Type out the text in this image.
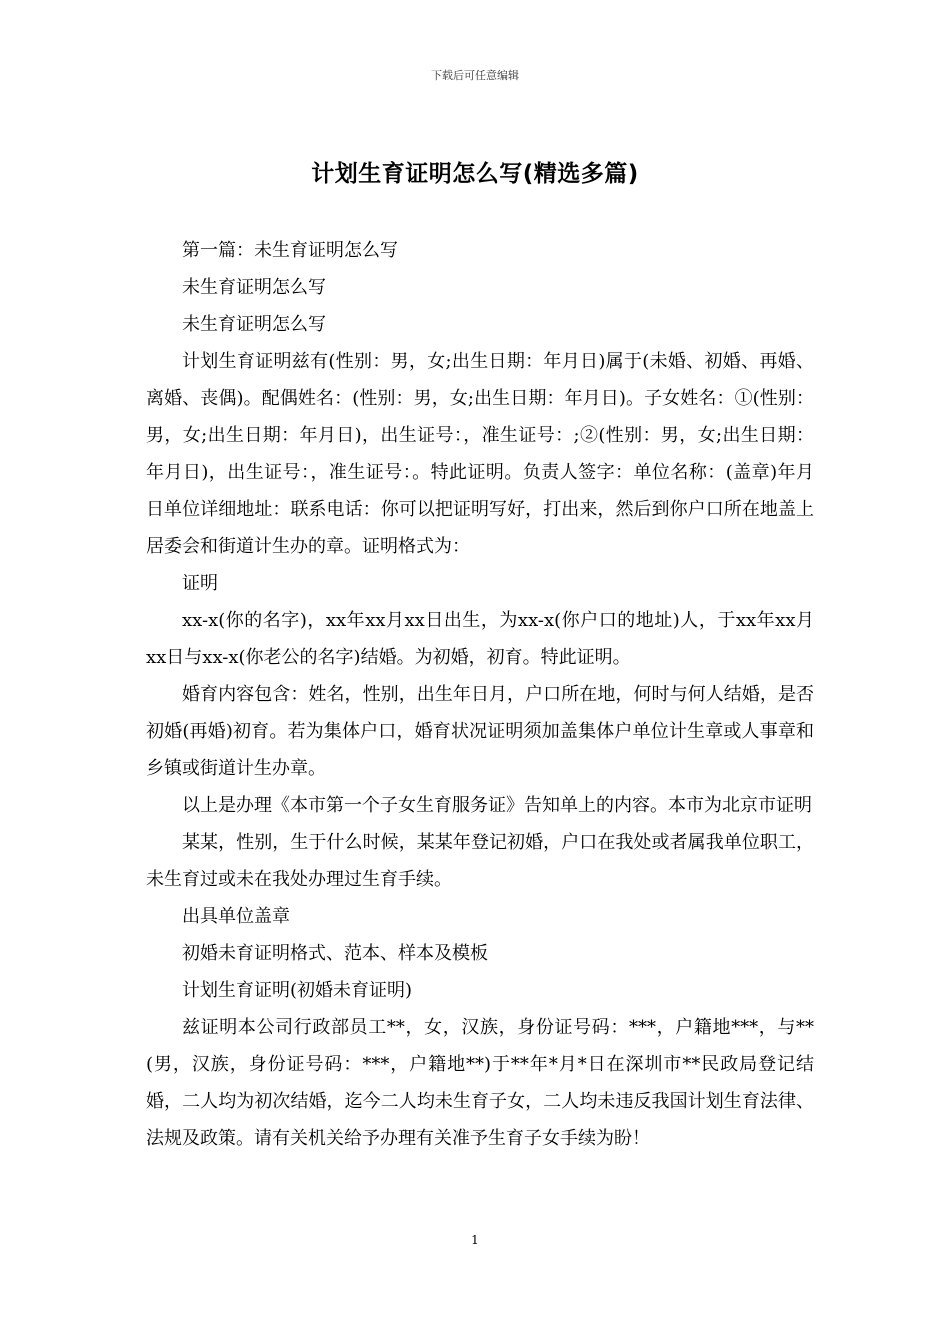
下载后可任意编辑
计划生育证明怎么写(精选多篇)

第一篇：未生育证明怎么写

未生育证明怎么写

未生育证明怎么写

计划生育证明兹有(性别：男，女;出生日期：年月日)属于(未婚、初婚、再婚、离婚、丧偶)。配偶姓名：(性别：男，女;出生日期：年月日)。子女姓名：①(性别：男，女;出生日期：年月日)，出生证号：，准生证号：;②(性别：男，女;出生日期：年月日)，出生证号：，准生证号：。特此证明。负责人签字：单位名称：(盖章)年月日单位详细地址：联系电话：你可以把证明写好，打出来，然后到你户口所在地盖上居委会和街道计生办的章。证明格式为：

证明

xx-x(你的名字)，xx年xx月xx日出生，为xx-x(你户口的地址)人，于xx年xx月xx日与xx-x(你老公的名字)结婚。为初婚，初育。特此证明。

婚育内容包含：姓名，性别，出生年日月，户口所在地，何时与何人结婚，是否初婚(再婚)初育。若为集体户口，婚育状况证明须加盖集体户单位计生章或人事章和乡镇或街道计生办章。

以上是办理《本市第一个子女生育服务证》告知单上的内容。本市为北京市证明

某某，性别，生于什么时候，某某年登记初婚，户口在我处或者属我单位职工，未生育过或未在我处办理过生育手续。

出具单位盖章

初婚未育证明格式、范本、样本及模板

计划生育证明(初婚未育证明)

兹证明本公司行政部员工**，女，汉族，身份证号码：***，户籍地***，与**(男，汉族，身份证号码：***，户籍地**)于**年*月*日在深圳市**民政局登记结婚，二人均为初次结婚，迄今二人均未生育子女，二人均未违反我国计划生育法律、法规及政策。请有关机关给予办理有关准予生育子女手续为盼！

1
